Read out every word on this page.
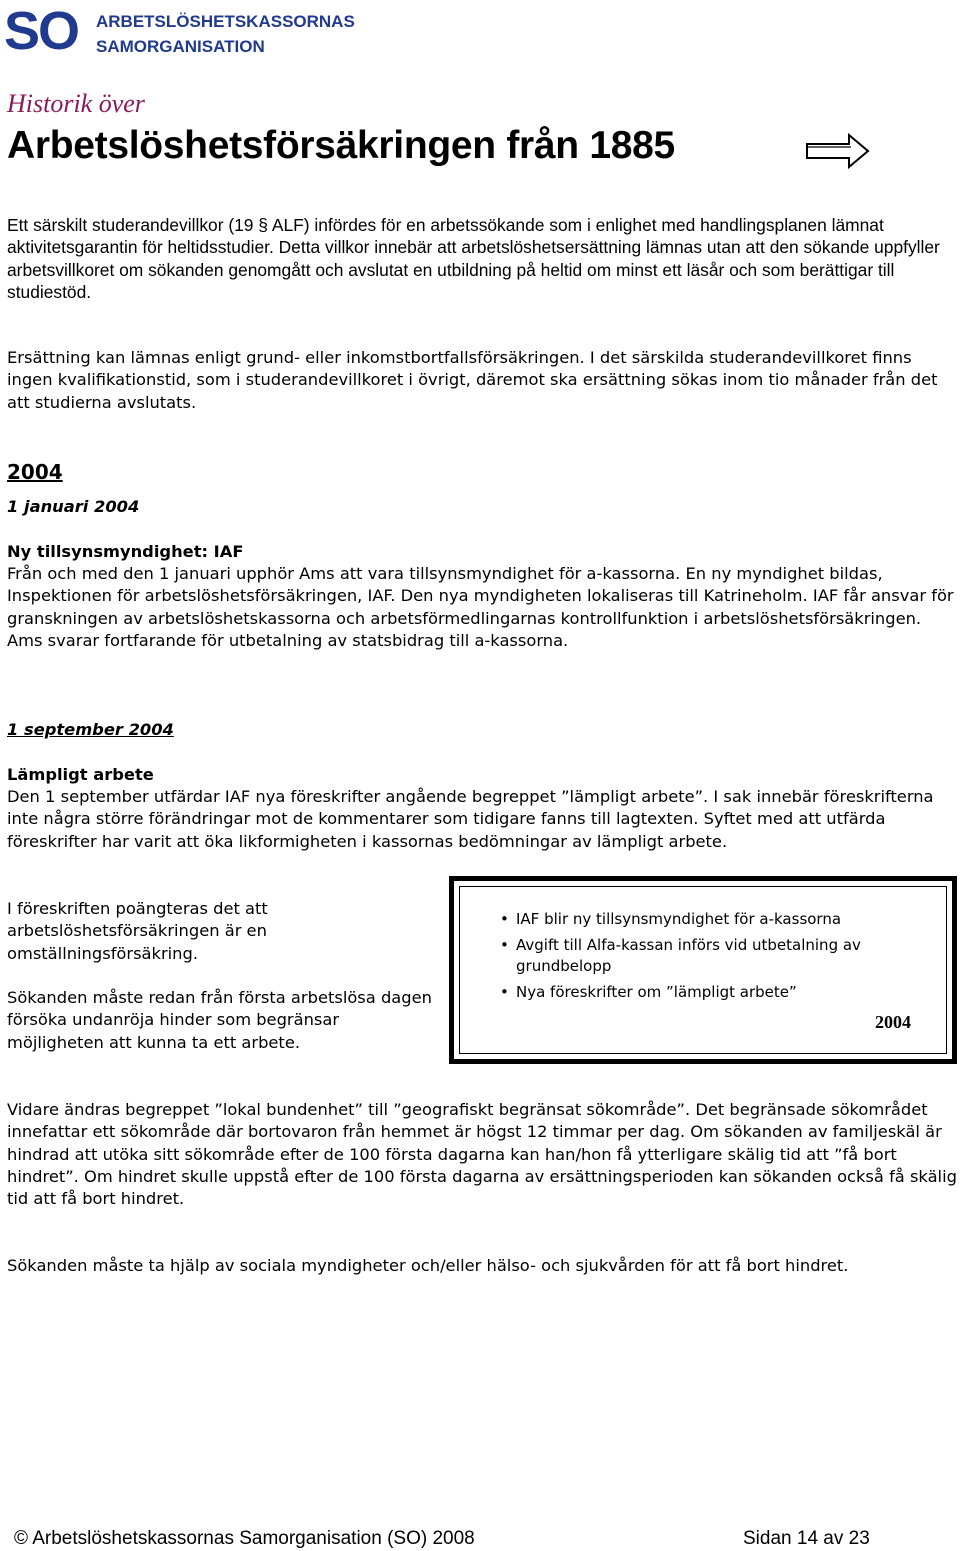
SO ARBETSLÖSHETSKASSORNAS
SAMORGANISATION
Historik över
Arbetslöshetsförsäkringen från 1885
Ett särskilt studerandevillkor (19 § ALF) infördes för en arbetssökande som i enlighet med handlingsplanen lämnat aktivitetsgarantin för heltidsstudier. Detta villkor innebär att arbetslöshetsersättning lämnas utan att den sökande uppfyller arbetsvillkoret om sökanden genomgått och avslutat en utbildning på heltid om minst ett läsår och som berättigar till studiestöd.
Ersättning kan lämnas enligt grund- eller inkomstbortfallsförsäkringen. I det särskilda studerandevillkoret finns ingen kvalifikationstid, som i studerandevillkoret i övrigt, däremot ska ersättning sökas inom tio månader från det att studierna avslutats.
2004
1 januari 2004
Ny tillsynsmyndighet: IAF
Från och med den 1 januari upphör Ams att vara tillsynsmyndighet för a-kassorna. En ny myndighet bildas, Inspektionen för arbetslöshetsförsäkringen, IAF. Den nya myndigheten lokaliseras till Katrineholm. IAF får ansvar för granskningen av arbetslöshetskassorna och arbetsförmedlingarnas kontrollfunktion i arbetslöshetsförsäkringen. Ams svarar fortfarande för utbetalning av statsbidrag till a-kassorna.
1 september 2004
Lämpligt arbete
Den 1 september utfärdar IAF nya föreskrifter angående begreppet ”lämpligt arbete”. I sak innebär föreskrifterna inte några större förändringar mot de kommentarer som tidigare fanns till lagtexten. Syftet med att utfärda föreskrifter har varit att öka likformigheten i kassornas bedömningar av lämpligt arbete.
I föreskriften poängteras det att arbetslöshetsförsäkringen är en omställningsförsäkring.
Sökanden måste redan från första arbetslösa dagen försöka undanröja hinder som begränsar möjligheten att kunna ta ett arbete.
• IAF blir ny tillsynsmyndighet för a-kassorna
• Avgift till Alfa-kassan införs vid utbetalning av grundbelopp
• Nya föreskrifter om ”lämpligt arbete”
2004
Vidare ändras begreppet ”lokal bundenhet” till ”geografiskt begränsat sökområde”. Det begränsade sökområdet innefattar ett sökområde där bortovaron från hemmet är högst 12 timmar per dag. Om sökanden av familjeskäl är hindrad att utöka sitt sökområde efter de 100 första dagarna kan han/hon få ytterligare skälig tid att ”få bort hindret”. Om hindret skulle uppstå efter de 100 första dagarna av ersättningsperioden kan sökanden också få skälig tid att få bort hindret.
Sökanden måste ta hjälp av sociala myndigheter och/eller hälso- och sjukvården för att få bort hindret.
© Arbetslöshetskassornas Samorganisation (SO) 2008	Sidan 14 av 23
